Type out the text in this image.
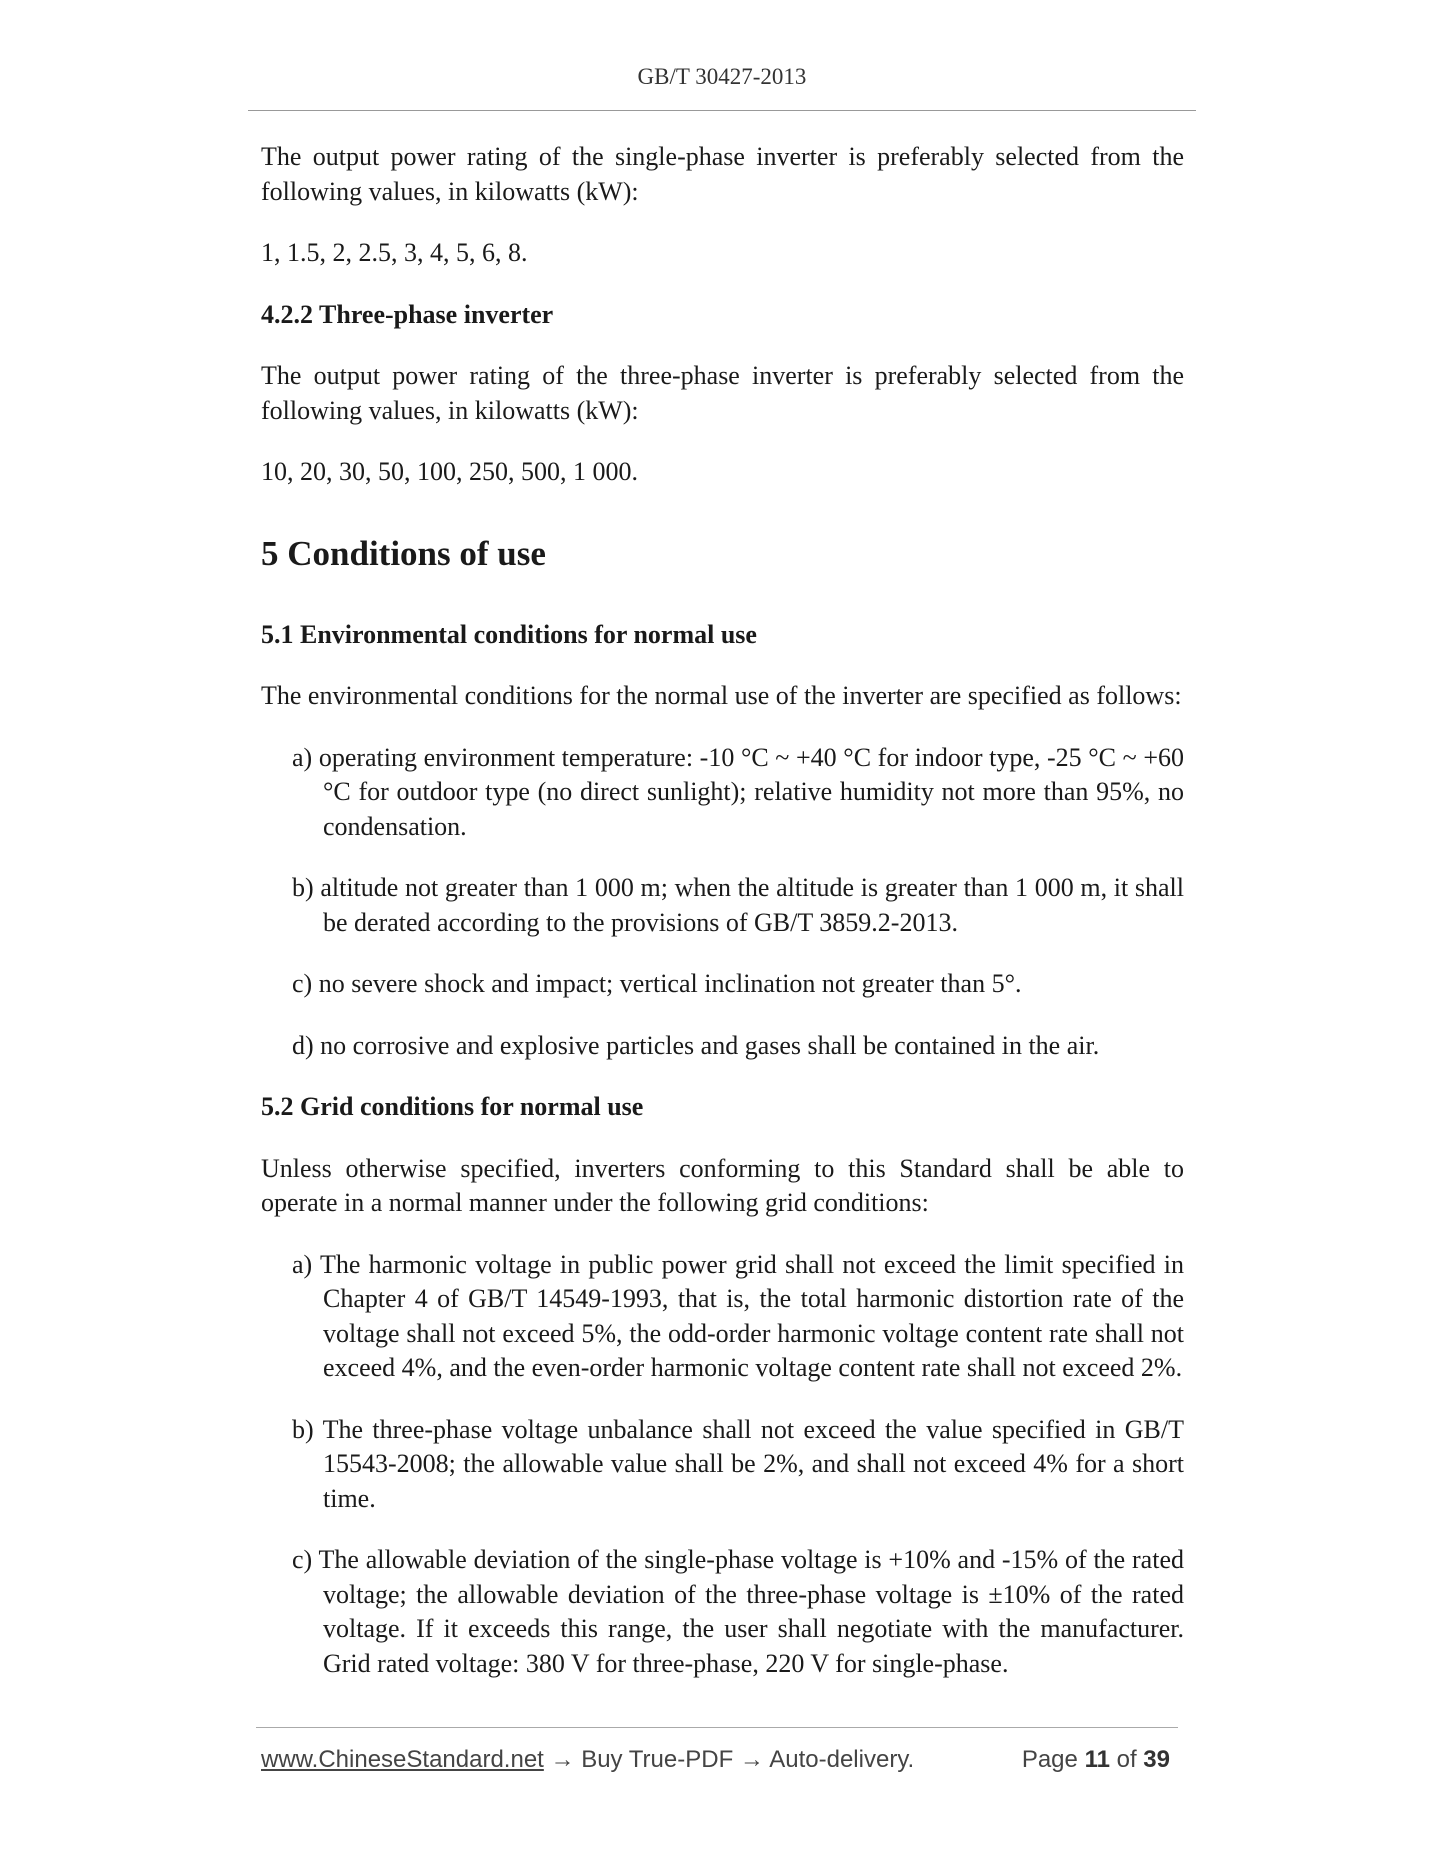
GB/T 30427-2013

The output power rating of the single-phase inverter is preferably selected from the following values, in kilowatts (kW):

1, 1.5, 2, 2.5, 3, 4, 5, 6, 8.

4.2.2 Three-phase inverter

The output power rating of the three-phase inverter is preferably selected from the following values, in kilowatts (kW):

10, 20, 30, 50, 100, 250, 500, 1 000.

5 Conditions of use

5.1 Environmental conditions for normal use

The environmental conditions for the normal use of the inverter are specified as follows:

a) operating environment temperature: -10 °C ~ +40 °C for indoor type, -25 °C ~ +60 °C for outdoor type (no direct sunlight); relative humidity not more than 95%, no condensation.
b) altitude not greater than 1 000 m; when the altitude is greater than 1 000 m, it shall be derated according to the provisions of GB/T 3859.2-2013.
c) no severe shock and impact; vertical inclination not greater than 5°.
d) no corrosive and explosive particles and gases shall be contained in the air.

5.2 Grid conditions for normal use

Unless otherwise specified, inverters conforming to this Standard shall be able to operate in a normal manner under the following grid conditions:

a) The harmonic voltage in public power grid shall not exceed the limit specified in Chapter 4 of GB/T 14549-1993, that is, the total harmonic distortion rate of the voltage shall not exceed 5%, the odd-order harmonic voltage content rate shall not exceed 4%, and the even-order harmonic voltage content rate shall not exceed 2%.
b) The three-phase voltage unbalance shall not exceed the value specified in GB/T 15543-2008; the allowable value shall be 2%, and shall not exceed 4% for a short time.
c) The allowable deviation of the single-phase voltage is +10% and -15% of the rated voltage; the allowable deviation of the three-phase voltage is ±10% of the rated voltage. If it exceeds this range, the user shall negotiate with the manufacturer. Grid rated voltage: 380 V for three-phase, 220 V for single-phase.
www.ChineseStandard.net → Buy True-PDF → Auto-delivery.	Page 11 of 39
